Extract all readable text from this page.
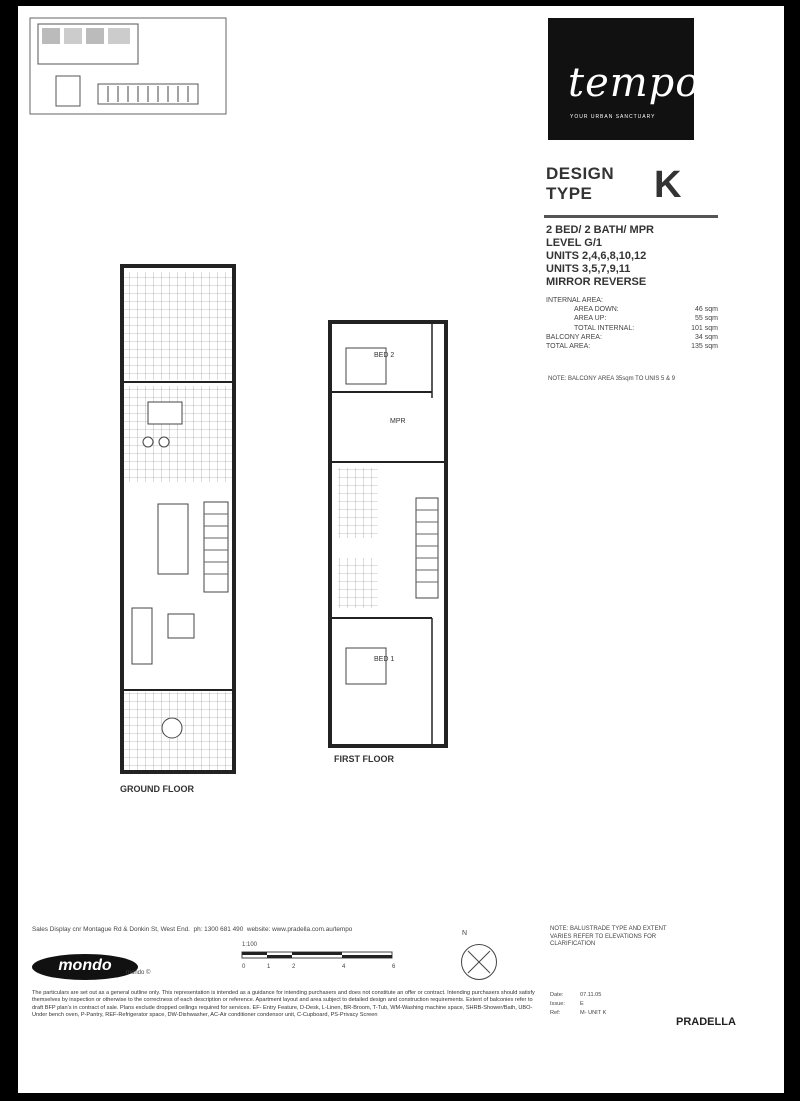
tempo
YOUR URBAN SANCTUARY
DESIGN
TYPE	K
2 BED/ 2 BATH/ MPR
LEVEL G/1
UNITS 2,4,6,8,10,12
UNITS 3,5,7,9,11
MIRROR REVERSE
INTERNAL AREA:
AREA DOWN:	46 sqm
AREA UP:	55 sqm
TOTAL INTERNAL:	101 sqm
BALCONY AREA:	34 sqm
TOTAL AREA:	135 sqm
NOTE: BALCONY AREA 35sqm TO UNIS 5 & 9
GROUND FLOOR
BED 2
MPR
BED 1
FIRST FLOOR
Sales Display cnr Montague Rd & Donkin St, West End. ph: 1300 681 490 website: www.pradella.com.au/tempo
mondo	mondo ©
1:100
0	1	2	4	6
N
The particulars are set out as a general outline only. This representation is intended as a guidance for intending purchasers and does not constitute an offer or contract. Intending purchasers should satisfy themselves by inspection or otherwise to the correctness of each description or reference. Apartment layout and area subject to detailed design and construction requirements. Extent of balconies refer to draft BFP plan's in contract of sale. Plans exclude dropped ceilings required for services. EF- Entry Feature, D-Desk, L-Linen, BR-Broom, T-Tub, WM-Washing machine space, SHRB-Shower/Bath, UBO-Under bench oven, P-Pantry, REF-Refrigerator space, DW-Dishwasher, AC-Air conditioner condensor unit, C-Cupboard, PS-Privacy Screen
NOTE: BALUSTRADE TYPE AND EXTENT VARIES REFER TO ELEVATIONS FOR CLARIFICATION
Date:	07.11.05
Issue:	E
Ref:	M- UNIT K
PRADELLA
